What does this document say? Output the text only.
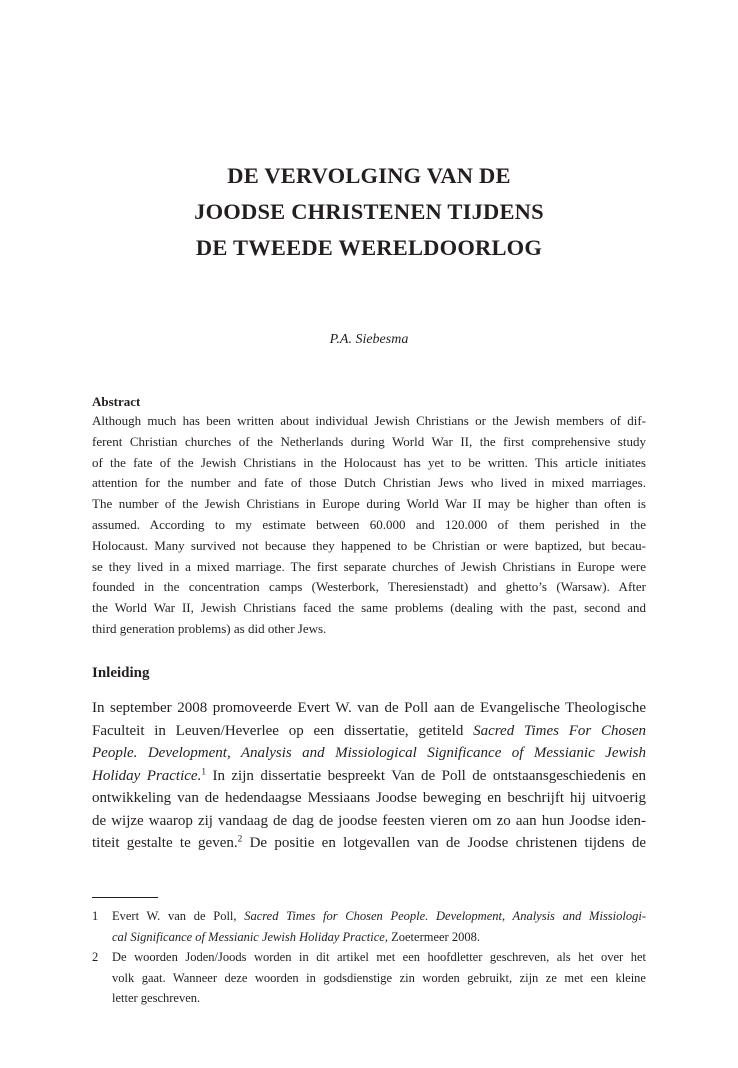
DE VERVOLGING VAN DE
JOODSE CHRISTENEN TIJDENS
DE TWEEDE WERELDOORLOG
P.A. Siebesma
Abstract
Although much has been written about individual Jewish Christians or the Jewish members of dif-
ferent Christian churches of the Netherlands during World War II, the first comprehensive study
of the fate of the Jewish Christians in the Holocaust has yet to be written. This article initiates
attention for the number and fate of those Dutch Christian Jews who lived in mixed marriages.
The number of the Jewish Christians in Europe during World War II may be higher than often is
assumed. According to my estimate between 60.000 and 120.000 of them perished in the
Holocaust. Many survived not because they happened to be Christian or were baptized, but becau-
se they lived in a mixed marriage. The first separate churches of Jewish Christians in Europe were
founded in the concentration camps (Westerbork, Theresienstadt) and ghetto’s (Warsaw). After
the World War II, Jewish Christians faced the same problems (dealing with the past, second and
third generation problems) as did other Jews.
Inleiding
In september 2008 promoveerde Evert W. van de Poll aan de Evangelische Theologische
Faculteit in Leuven/Heverlee op een dissertatie, getiteld Sacred Times For Chosen
People. Development, Analysis and Missiological Significance of Messianic Jewish
Holiday Practice.$^1$ In zijn dissertatie bespreekt Van de Poll de ontstaansgeschiedenis en
ontwikkeling van de hedendaagse Messiaans Joodse beweging en beschrijft hij uitvoerig
de wijze waarop zij vandaag de dag de joodse feesten vieren om zo aan hun Joodse iden-
titeit gestalte te geven.$^2$ De positie en lotgevallen van de Joodse christenen tijdens de
1 Evert W. van de Poll, Sacred Times for Chosen People. Development, Analysis and Missiologi-
cal Significance of Messianic Jewish Holiday Practice, Zoetermeer 2008.
2 De woorden Joden/Joods worden in dit artikel met een hoofdletter geschreven, als het over het
volk gaat. Wanneer deze woorden in godsdienstige zin worden gebruikt, zijn ze met een kleine
letter geschreven.
